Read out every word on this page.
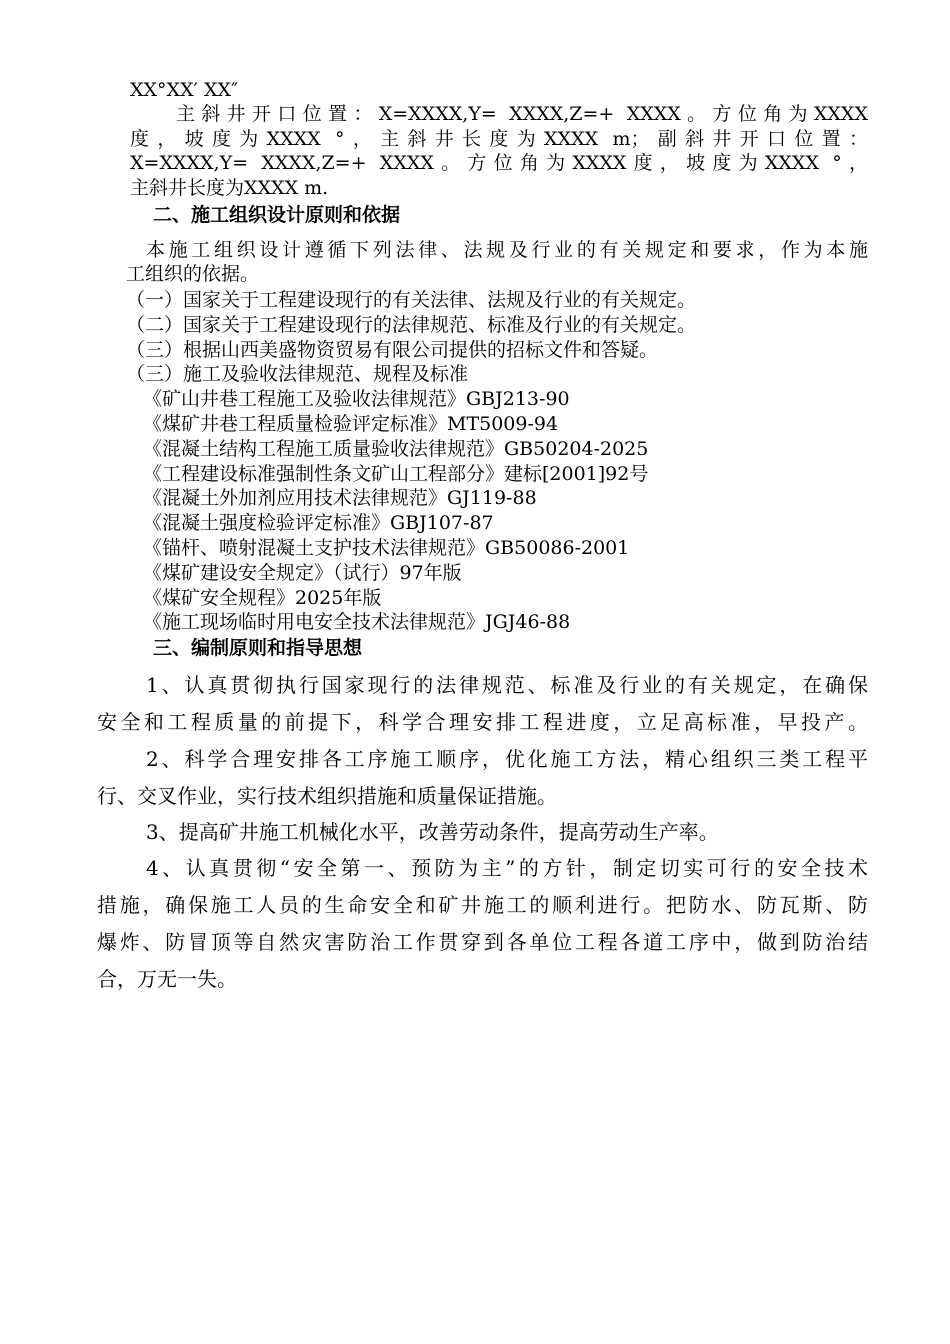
XX°XX′ XX″
主斜井开口位置：X=XXXX,Y= XXXX,Z=+ XXXX。方位角为XXXX
度，坡度为XXXX °，主斜井长度为XXXX m；副斜井开口位置：
X=XXXX,Y= XXXX,Z=+ XXXX。方位角为XXXX度，坡度为XXXX °，
主斜井长度为XXXX m.
二、施工组织设计原则和依据
本施工组织设计遵循下列法律、法规及行业的有关规定和要求，作为本施
工组织的依据。
（一）国家关于工程建设现行的有关法律、法规及行业的有关规定。
（二）国家关于工程建设现行的法律规范、标准及行业的有关规定。
（三）根据山西美盛物资贸易有限公司提供的招标文件和答疑。
（三）施工及验收法律规范、规程及标准
《矿山井巷工程施工及验收法律规范》GBJ213-90
《煤矿井巷工程质量检验评定标准》MT5009-94
《混凝土结构工程施工质量验收法律规范》GB50204-2025
《工程建设标准强制性条文矿山工程部分》建标[2001]92号
《混凝土外加剂应用技术法律规范》GJ119-88
《混凝土强度检验评定标准》GBJ107-87
《锚杆、喷射混凝土支护技术法律规范》GB50086-2001
《煤矿建设安全规定》（试行）97年版
《煤矿安全规程》2025年版
《施工现场临时用电安全技术法律规范》JGJ46-88
三、编制原则和指导思想
1、认真贯彻执行国家现行的法律规范、标准及行业的有关规定，在确保
安全和工程质量的前提下，科学合理安排工程进度，立足高标准，早投产。
2、科学合理安排各工序施工顺序，优化施工方法，精心组织三类工程平
行、交叉作业，实行技术组织措施和质量保证措施。
3、提高矿井施工机械化水平，改善劳动条件，提高劳动生产率。
4、认真贯彻“安全第一、预防为主”的方针，制定切实可行的安全技术
措施，确保施工人员的生命安全和矿井施工的顺利进行。把防水、防瓦斯、防
爆炸、防冒顶等自然灾害防治工作贯穿到各单位工程各道工序中，做到防治结
合，万无一失。
